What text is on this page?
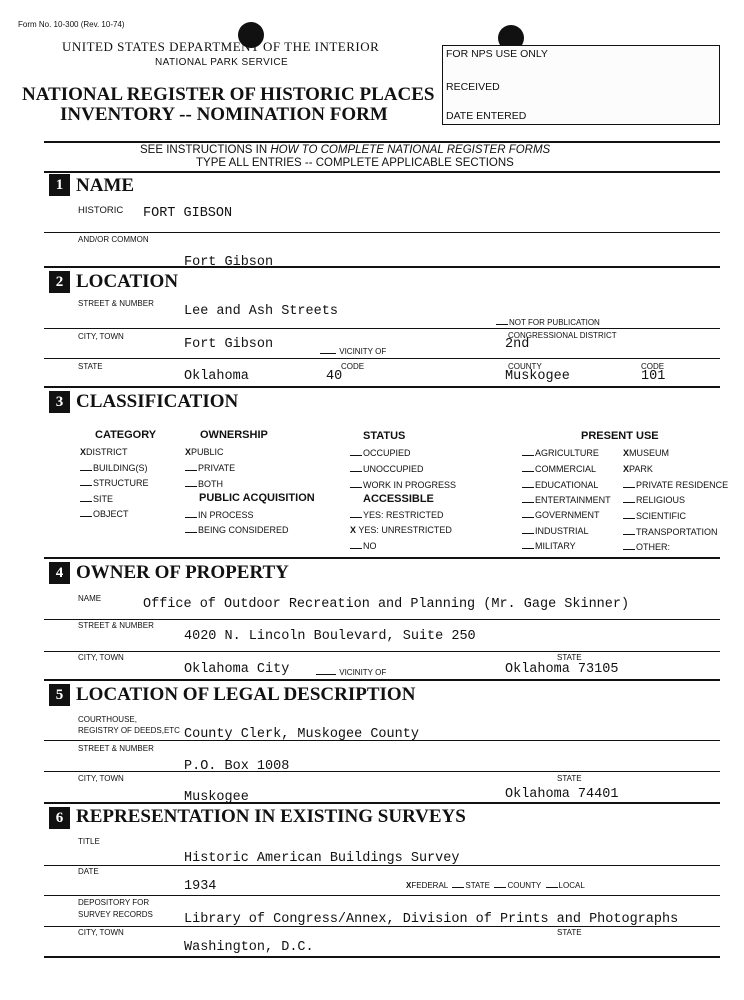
Form No. 10-300 (Rev. 10-74)
UNITED STATES DEPARTMENT OF THE INTERIOR
NATIONAL PARK SERVICE
NATIONAL REGISTER OF HISTORIC PLACES
INVENTORY -- NOMINATION FORM
FOR NPS USE ONLY
RECEIVED
DATE ENTERED
SEE INSTRUCTIONS IN HOW TO COMPLETE NATIONAL REGISTER FORMS
TYPE ALL ENTRIES -- COMPLETE APPLICABLE SECTIONS
1 NAME
HISTORIC FORT GIBSON
AND/OR COMMON
Fort Gibson
2 LOCATION
STREET & NUMBER
Lee and Ash Streets
NOT FOR PUBLICATION
CITY, TOWN
Fort Gibson	VICINITY OF
CONGRESSIONAL DISTRICT
2nd
STATE
Oklahoma
CODE
40
COUNTY
Muskogee
CODE
101
3 CLASSIFICATION
CATEGORY
XDISTRICT
BUILDING(S)
STRUCTURE
SITE
OBJECT
OWNERSHIP
XPUBLIC
PRIVATE
BOTH
PUBLIC ACQUISITION
IN PROCESS
BEING CONSIDERED
STATUS
OCCUPIED
UNOCCUPIED
WORK IN PROGRESS
ACCESSIBLE
YES: RESTRICTED
X YES: UNRESTRICTED
NO
PRESENT USE
AGRICULTURE
COMMERCIAL
EDUCATIONAL
ENTERTAINMENT
GOVERNMENT
INDUSTRIAL
MILITARY
XMUSEUM
XPARK
PRIVATE RESIDENCE
RELIGIOUS
SCIENTIFIC
TRANSPORTATION
OTHER:
4 OWNER OF PROPERTY
NAME	Office of Outdoor Recreation and Planning (Mr. Gage Skinner)
STREET & NUMBER
4020 N. Lincoln Boulevard, Suite 250
CITY, TOWN
Oklahoma City	VICINITY OF
STATE
Oklahoma 73105
5 LOCATION OF LEGAL DESCRIPTION
COURTHOUSE,
REGISTRY OF DEEDS,ETC County Clerk, Muskogee County
STREET & NUMBER
P.O. Box 1008
CITY, TOWN
Muskogee
STATE
Oklahoma 74401
6 REPRESENTATION IN EXISTING SURVEYS
TITLE
Historic American Buildings Survey
DATE
1934	XFEDERAL STATE COUNTY LOCAL
DEPOSITORY FOR
SURVEY RECORDS Library of Congress/Annex, Division of Prints and Photographs
CITY, TOWN
Washington, D.C.
STATE
